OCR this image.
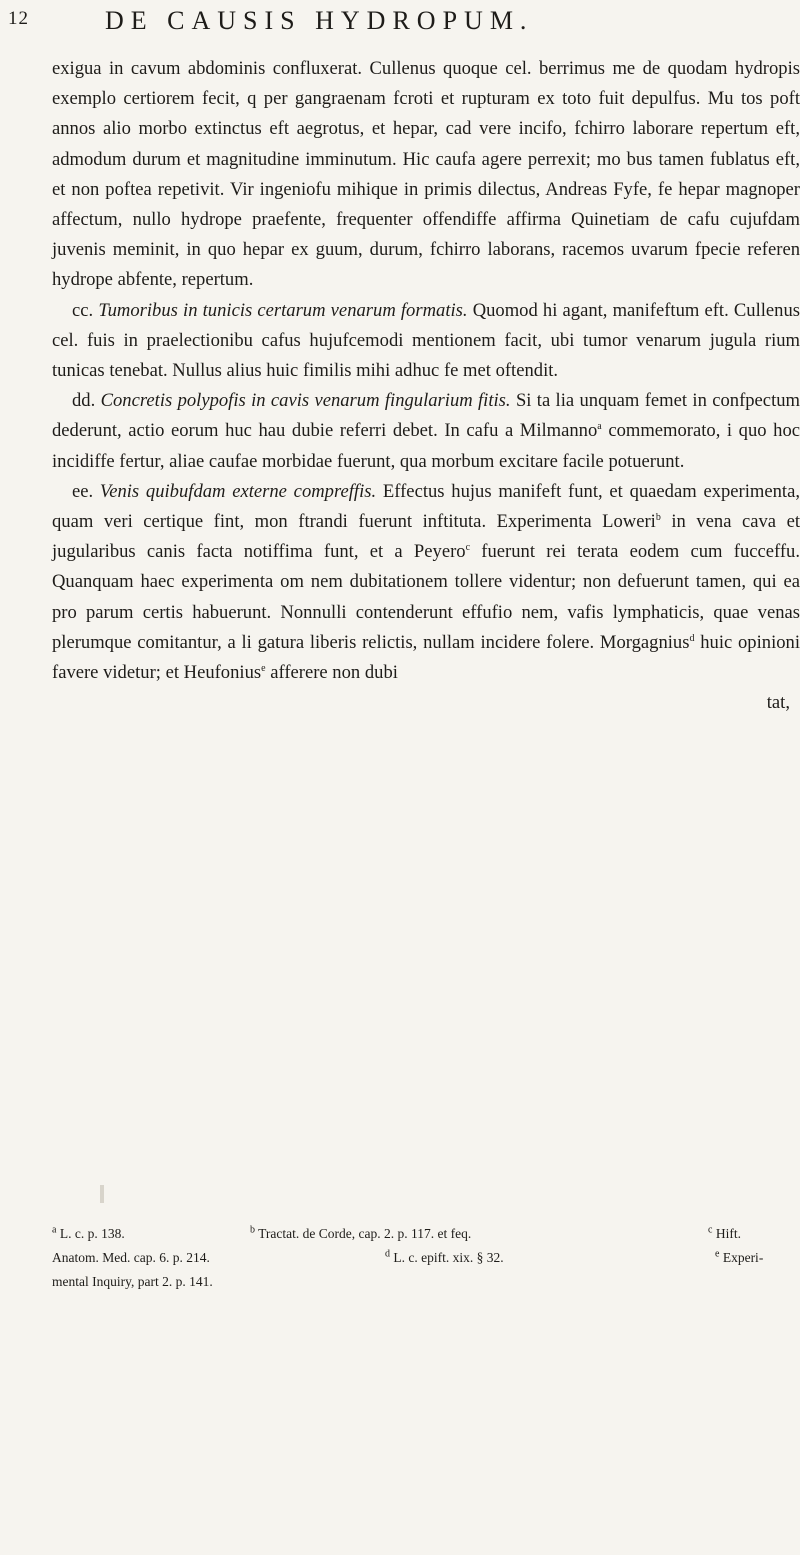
12	DE CAUSIS HYDROPUM.

exigua in cavum abdominis confluxerat. Cullenus quoque cel. berrimus me de quodam hydropis exemplo certiorem fecit, q per gangraenam fcroti et rupturam ex toto fuit depulfus. Mu tos poft annos alio morbo extinctus eft aegrotus, et hepar, cad vere incifo, fchirro laborare repertum eft, admodum durum et magnitudine imminutum. Hic caufa agere perrexit; mo bus tamen fublatus eft, et non poftea repetivit. Vir ingeniofu mihique in primis dilectus, Andreas Fyfe, fe hepar magnoper affectum, nullo hydrope praefente, frequenter offendiffe affirma Quinetiam de cafu cujufdam juvenis meminit, in quo hepar ex guum, durum, fchirro laborans, racemos uvarum fpecie referen hydrope abfente, repertum.

cc. Tumoribus in tunicis certarum venarum formatis. Quomod hi agant, manifeftum eft. Cullenus cel. fuis in praelectionibu cafus hujufcemodi mentionem facit, ubi tumor venarum jugula rium tunicas tenebat. Nullus alius huic fimilis mihi adhuc fe met oftendit.

dd. Concretis polypofis in cavis venarum fingularium fitis. Si ta lia unquam femet in confpectum dederunt, actio eorum huc hau dubie referri debet. In cafu a Milmanno$^a$ commemorato, i quo hoc incidiffe fertur, aliae caufae morbidae fuerunt, qua morbum excitare facile potuerunt.

ee. Venis quibufdam externe compreffis. Effectus hujus manifeft funt, et quaedam experimenta, quam veri certique fint, mon ftrandi fuerunt inftituta. Experimenta Loweri$^b$ in vena cava et jugularibus canis facta notiffima funt, et a Peyero$^c$ fuerunt rei terata eodem cum fucceffu. Quanquam haec experimenta om nem dubitationem tollere videntur; non defuerunt tamen, qui ea pro parum certis habuerunt. Nonnulli contenderunt effufio nem, vafis lymphaticis, quae venas plerumque comitantur, a li gatura liberis relictis, nullam incidere folere. Morgagnius$^d$ huic opinioni favere videtur; et Heufonius$^e$ afferere non dubi

tat,

$^a$ L. c. p. 138.	$^b$ Tractat. de Corde, cap. 2. p. 117. et feq.	$^c$ Hift.
Anatom. Med. cap. 6. p. 214.	$^d$ L. c. epift. xix. § 32.	$^e$ Experi-
mental Inquiry, part 2. p. 141.
